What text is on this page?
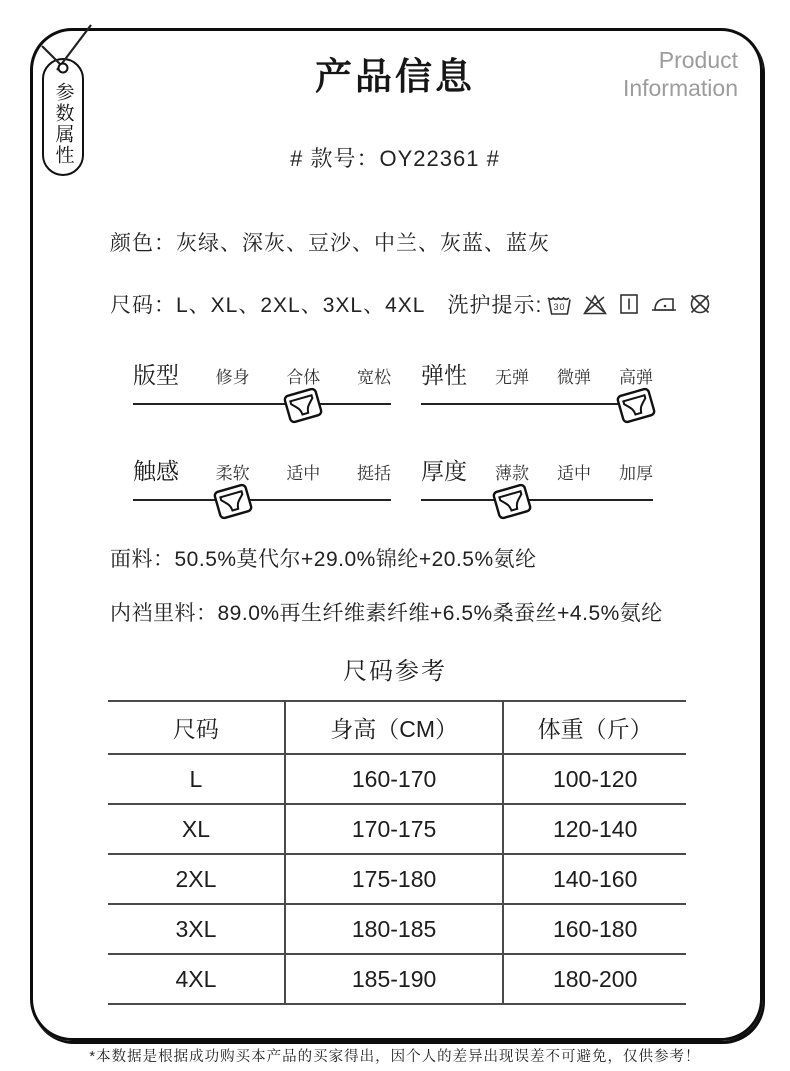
参数属性
产品信息	Product
Information
# 款号：OY22361 #
颜色：灰绿、深灰、豆沙、中兰、灰蓝、蓝灰
尺码： L、XL、2XL、3XL、4XL 洗护提示: 30
版型 修身 合体 宽松 弹性 无弹 微弹 高弹
触感 柔软 适中 挺括 厚度 薄款 适中 加厚
面料：50.5%莫代尔+29.0%锦纶+20.5%氨纶
内裆里料：89.0%再生纤维素纤维+6.5%桑蚕丝+4.5%氨纶
尺码参考
尺码	身高（CM）	体重（斤）
L	160-170	100-120
XL	170-175	120-140
2XL	175-180	140-160
3XL	180-185	160-180
4XL	185-190	180-200
*本数据是根据成功购买本产品的买家得出，因个人的差异出现误差不可避免，仅供参考！
